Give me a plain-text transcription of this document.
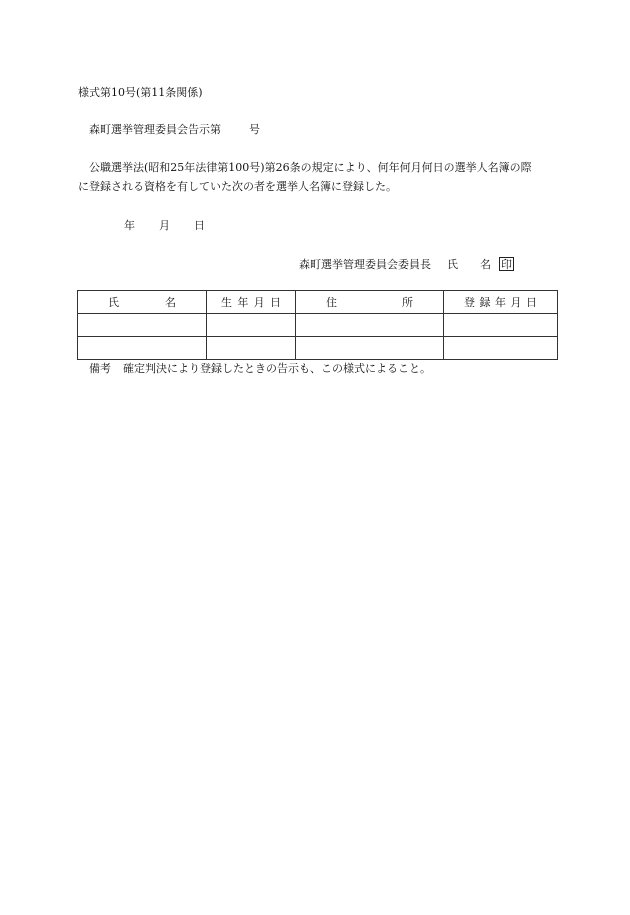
様式第10号(第11条関係)
森町選挙管理委員会告示第	号
公職選挙法(昭和25年法律第100号)第26条の規定により、何年何月何日の選挙人名簿の際
に登録される資格を有していた次の者を選挙人名簿に登録した。
年 月 日
森町選挙管理委員会委員長 氏 名 印
氏 名	生 年 月 日	住 所	登 録 年 月 日

備考 確定判決により登録したときの告示も、この様式によること。
